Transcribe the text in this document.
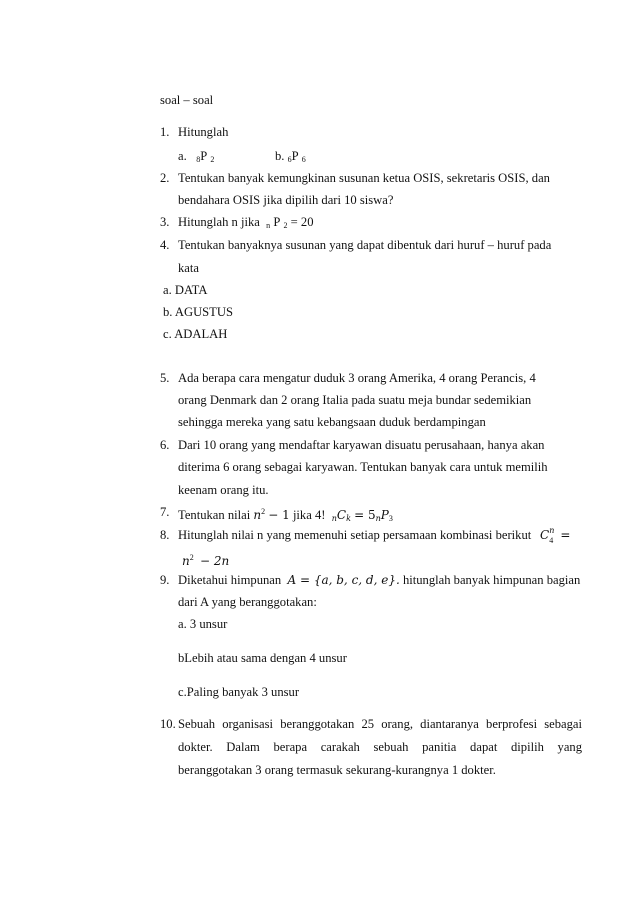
soal – soal
1. Hitunglah
a. $_8$P $_2$	b. $_6$P $_6$
2. Tentukan banyak kemungkinan susunan ketua OSIS, sekretaris OSIS, dan
bendahara OSIS jika dipilih dari 10 siswa?
3. Hitunglah n jika $_n$ P $_2$ = 20
4. Tentukan banyaknya susunan yang dapat dibentuk dari huruf – huruf pada
kata
a. DATA
b. AGUSTUS
c. ADALAH
5. Ada berapa cara mengatur duduk 3 orang Amerika, 4 orang Perancis, 4
orang Denmark dan 2 orang Italia pada suatu meja bundar sedemikian
sehingga mereka yang satu kebangsaan duduk berdampingan
6. Dari 10 orang yang mendaftar karyawan disuatu perusahaan, hanya akan
diterima 6 orang sebagai karyawan. Tentukan banyak cara untuk memilih
keenam orang itu.
7. Tentukan nilai $n^2 - 1$ jika 4! $_nC_k = 5_nP_3$
8. Hitunglah nilai n yang memenuhi setiap persamaan kombinasi berikut C n
4 =
$n^2 - 2n$
9. Diketahui himpunan A = {a, b, c, d, e}. hitunglah banyak himpunan bagian
dari A yang beranggotakan:
a. 3 unsur
bLebih atau sama dengan 4 unsur
c.Paling banyak 3 unsur
10. Sebuah organisasi beranggotakan 25 orang, diantaranya berprofesi sebagai
dokter. Dalam berapa carakah sebuah panitia dapat dipilih yang
beranggotakan 3 orang termasuk sekurang-kurangnya 1 dokter.
